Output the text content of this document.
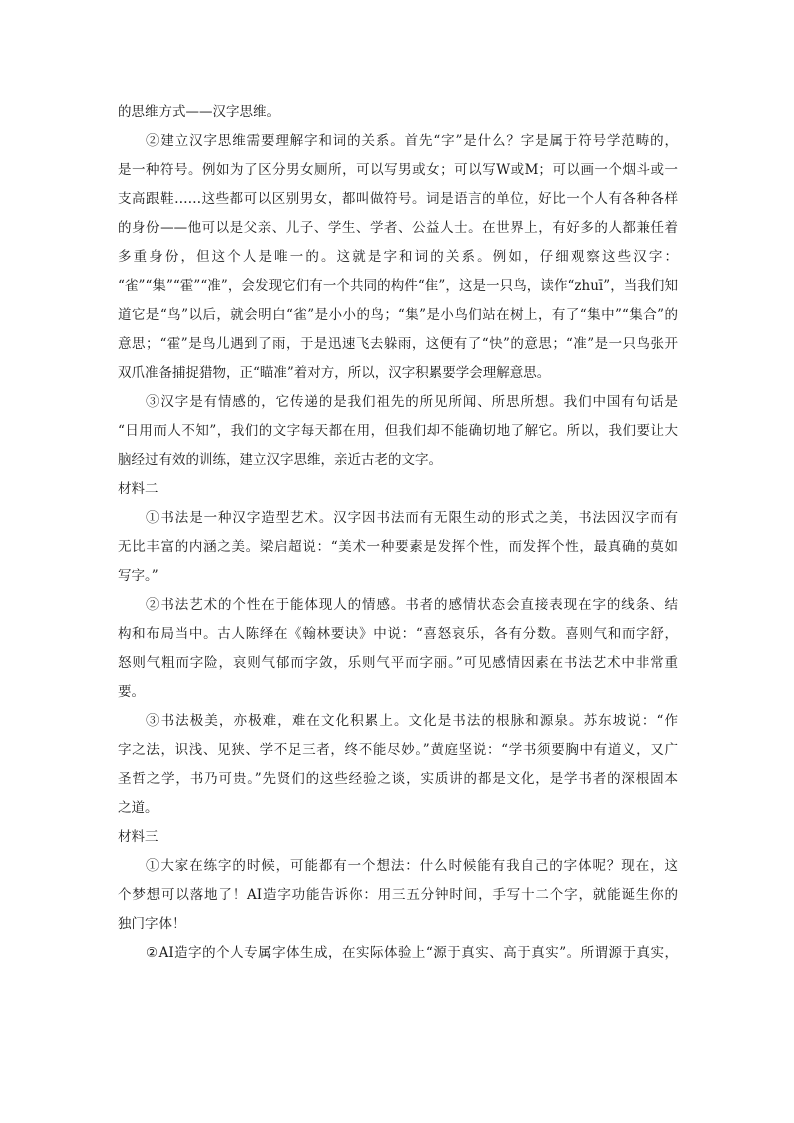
的思维方式——汉字思维。
②建立汉字思维需要理解字和词的关系。首先“字”是什么？字是属于符号学范畴的，
是一种符号。例如为了区分男女厕所，可以写男或女；可以写W或M；可以画一个烟斗或一
支高跟鞋……这些都可以区别男女，都叫做符号。词是语言的单位，好比一个人有各种各样
的身份——他可以是父亲、儿子、学生、学者、公益人士。在世界上，有好多的人都兼任着
多重身份，但这个人是唯一的。这就是字和词的关系。例如，仔细观察这些汉字：
“雀”“集”“霍”“准”，会发现它们有一个共同的构件“隹”，这是一只鸟，读作“zhuī”，当我们知
道它是“鸟”以后，就会明白“雀”是小小的鸟；“集”是小鸟们站在树上，有了“集中”“集合”的
意思；“霍”是鸟儿遇到了雨，于是迅速飞去躲雨，这便有了“快”的意思；“准”是一只鸟张开
双爪准备捕捉猎物，正“瞄准”着对方，所以，汉字积累要学会理解意思。
③汉字是有情感的，它传递的是我们祖先的所见所闻、所思所想。我们中国有句话是
“日用而人不知”，我们的文字每天都在用，但我们却不能确切地了解它。所以，我们要让大
脑经过有效的训练，建立汉字思维，亲近古老的文字。
材料二
①书法是一种汉字造型艺术。汉字因书法而有无限生动的形式之美，书法因汉字而有
无比丰富的内涵之美。梁启超说：“美术一种要素是发挥个性，而发挥个性，最真确的莫如
写字。”
②书法艺术的个性在于能体现人的情感。书者的感情状态会直接表现在字的线条、结
构和布局当中。古人陈绎在《翰林要诀》中说：“喜怒哀乐，各有分数。喜则气和而字舒，
怒则气粗而字险，哀则气郁而字敛，乐则气平而字丽。”可见感情因素在书法艺术中非常重
要。
③书法极美，亦极难，难在文化积累上。文化是书法的根脉和源泉。苏东坡说：“作
字之法，识浅、见狭、学不足三者，终不能尽妙。”黄庭坚说：“学书须要胸中有道义，又广
圣哲之学，书乃可贵。”先贤们的这些经验之谈，实质讲的都是文化，是学书者的深根固本
之道。
材料三
①大家在练字的时候，可能都有一个想法：什么时候能有我自己的字体呢？现在，这
个梦想可以落地了！AI造字功能告诉你：用三五分钟时间，手写十二个字，就能诞生你的
独门字体！
②AI造字的个人专属字体生成，在实际体验上“源于真实、高于真实”。所谓源于真实，
